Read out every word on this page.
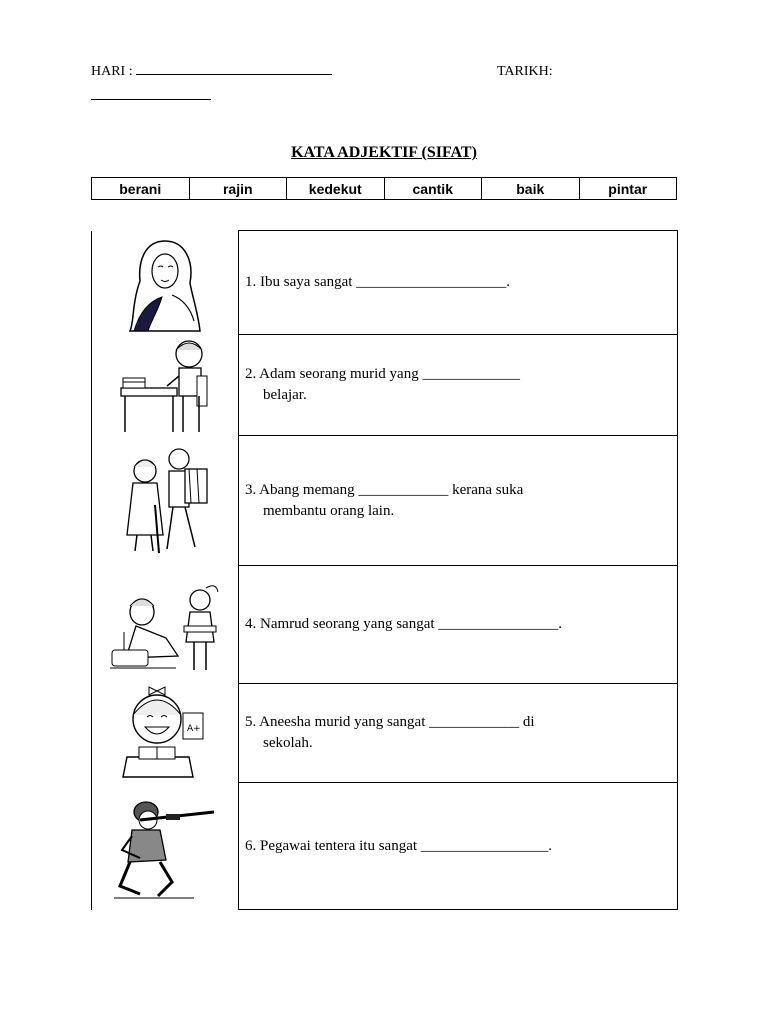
HARI :	TARIKH:
KATA ADJEKTIF (SIFAT)
berani	rajin	kedekut	cantik	baik	pintar

1. Ibu saya sangat ____________________.

2. Adam seorang murid yang _____________
belajar.

3. Abang memang ____________ kerana suka
membantu orang lain.

4. Namrud seorang yang sangat ________________.

A+	5. Aneesha murid yang sangat ____________ di
sekolah.

6. Pegawai tentera itu sangat _________________.
